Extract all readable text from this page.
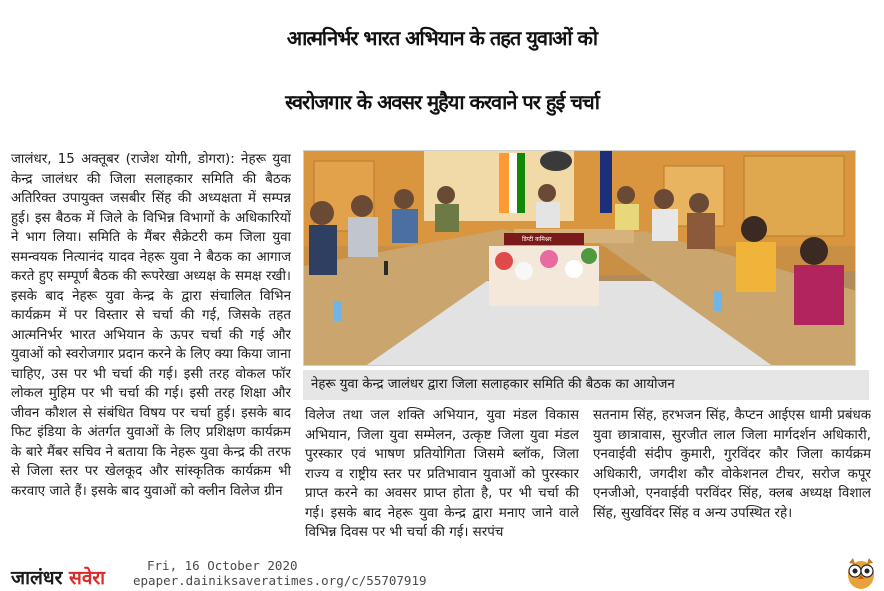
आत्मनिर्भर भारत अभियान के तहत युवाओं को
स्वरोजगार के अवसर मुहैया करवाने पर हुई चर्चा

जालंधर, 15 अक्तूबर (राजेश योगी, डोगरा): नेहरू युवा केन्द्र जालंधर की जिला सलाहकार समिति की बैठक अतिरिक्त उपायुक्त जसबीर सिंह की अध्यक्षता में सम्पन्न हुई। इस बैठक में जिले के विभिन्न विभागों के अधिकारियों ने भाग लिया। समिति के मैंबर सैक्रेटरी कम जिला युवा समन्वयक नित्यानंद यादव नेहरू युवा ने बैठक का आगाज करते हुए सम्पूर्ण बैठक की रूपरेखा अध्यक्ष के समक्ष रखी। इसके बाद नेहरू युवा केन्द्र के द्वारा संचालित विभिन कार्यक्रम में पर विस्तार से चर्चा की गई, जिसके तहत आत्मनिर्भर भारत अभियान के ऊपर चर्चा की गई और युवाओं को स्वरोजगार प्रदान करने के लिए क्या किया जाना चाहिए, उस पर भी चर्चा की गई। इसी तरह वोकल फॉर लोकल मुहिम पर भी चर्चा की गई। इसी तरह शिक्षा और जीवन कौशल से संबंधित विषय पर चर्चा हुई। इसके बाद फिट इंडिया के अंतर्गत युवाओं के लिए प्रशिक्षण कार्यक्रम के बारे मैंबर सचिव ने बताया कि नेहरू युवा केन्द्र की तरफ से जिला स्तर पर खेलकूद और सांस्कृतिक कार्यक्रम भी करवाए जाते हैं। इसके बाद युवाओं को क्लीन विलेज ग्रीन

डिप्टी कमिश्नर
नेहरू युवा केन्द्र जालंधर द्वारा जिला सलाहकार समिति की बैठक का आयोजन

विलेज तथा जल शक्ति अभियान, युवा मंडल विकास अभियान, जिला युवा सम्मेलन, उत्कृष्ट जिला युवा मंडल पुरस्कार एवं भाषण प्रतियोगिता जिसमे ब्लॉक, जिला राज्य व राष्ट्रीय स्तर पर प्रतिभावान युवाओं को पुरस्कार प्राप्त करने का अवसर प्राप्त होता है, पर भी चर्चा की गई। इसके बाद नेहरू युवा केन्द्र द्वारा मनाए जाने वाले विभिन्न दिवस पर भी चर्चा की गई। सरपंच

सतनाम सिंह, हरभजन सिंह, कैप्टन आईएस धामी प्रबंधक युवा छात्रावास, सुरजीत लाल जिला मार्गदर्शन अधिकारी, एनवाईवी संदीप कुमारी, गुरविंदर कौर जिला कार्यक्रम अधिकारी, जगदीश कौर वोकेशनल टीचर, सरोज कपूर एनजीओ, एनवाईवी परविंदर सिंह, क्लब अध्यक्ष विशाल सिंह, सुखविंदर सिंह व अन्य उपस्थित रहे।

जालंधर सवेरा
Fri, 16 October 2020
epaper.dainiksaveratimes.org/c/55707919
